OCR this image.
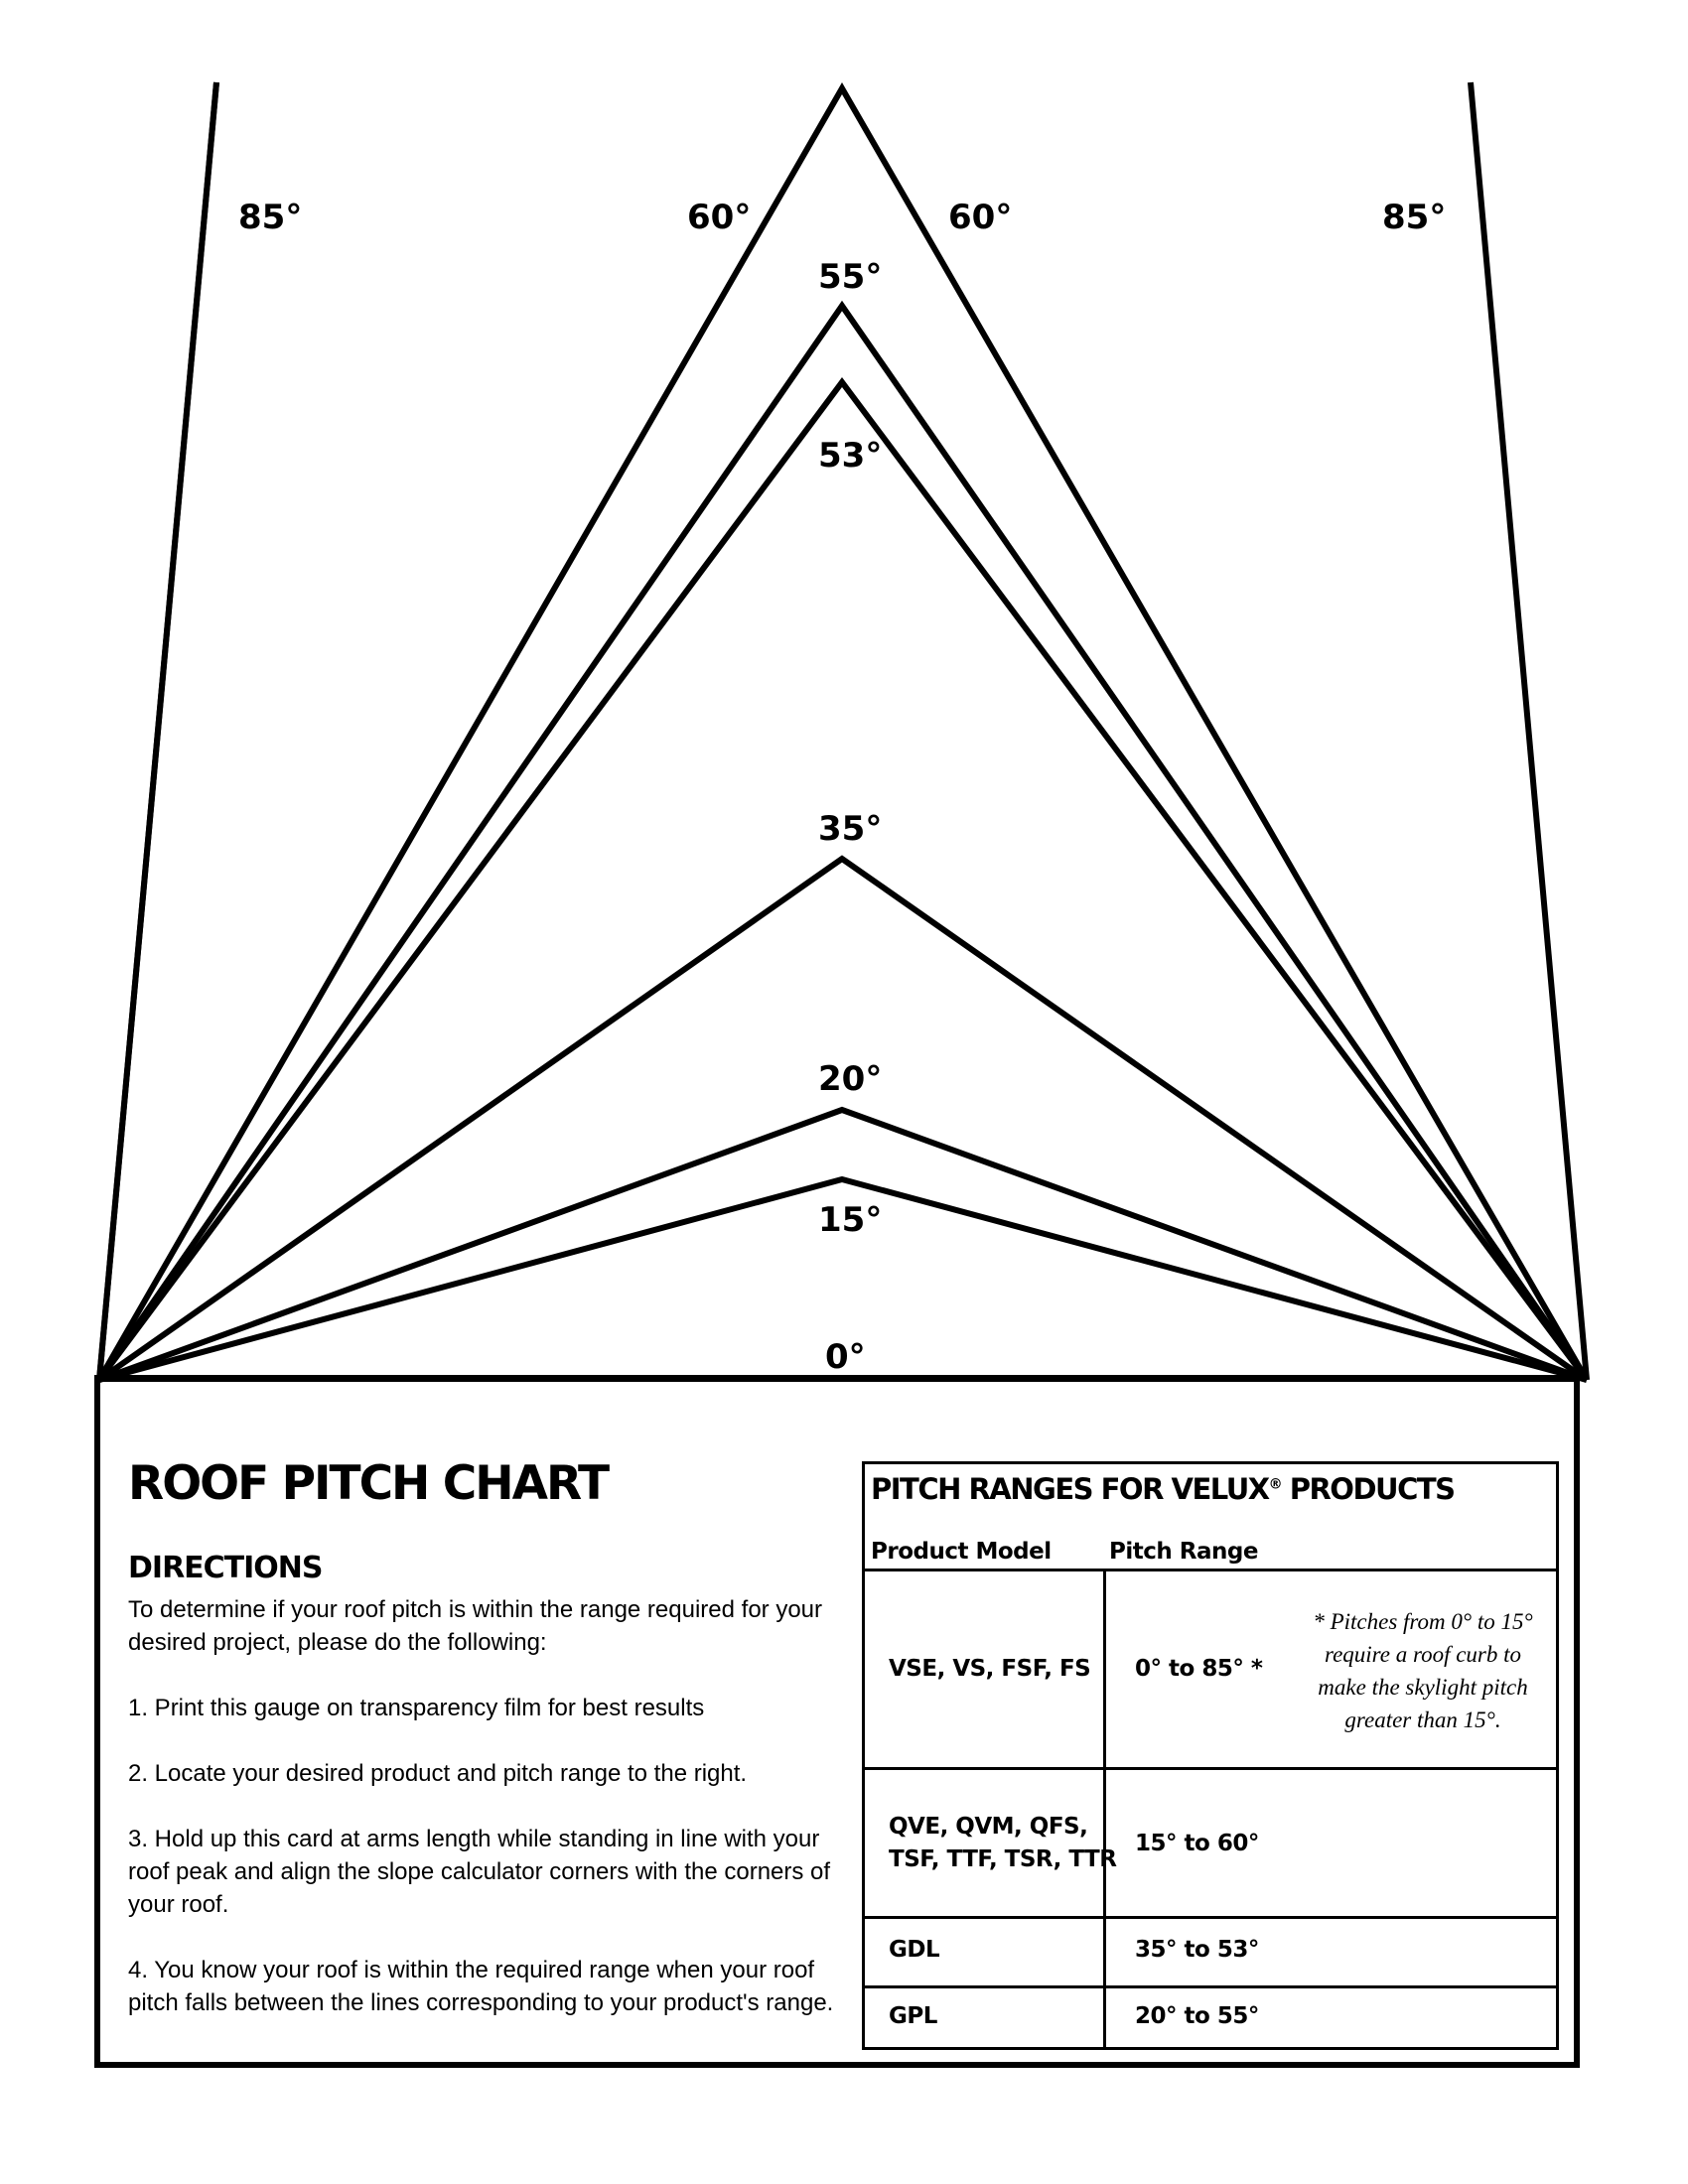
85°	60°	60°	85°
55°
53°
35°
20°
15°
0°
ROOF PITCH CHART
DIRECTIONS

To determine if your roof pitch is within the range required for your desired project, please do the following:

1. Print this gauge on transparency film for best results

2. Locate your desired product and pitch range to the right.

3. Hold up this card at arms length while standing in line with your roof peak and align the slope calculator corners with the corners of your roof.

4. You know your roof is within the required range when your roof pitch falls between the lines corresponding to your product's range.

PITCH RANGES FOR VELUX® PRODUCTS
Product Model	Pitch Range
VSE, VS, FSF, FS 0° to 85° *
* Pitches from 0° to 15° require a roof curb to make the skylight pitch greater than 15°.
QVE, QVM, QFS,
TSF, TTF, TSR, TTR
15° to 60°
GDL	35° to 53°
GPL	20° to 55°
